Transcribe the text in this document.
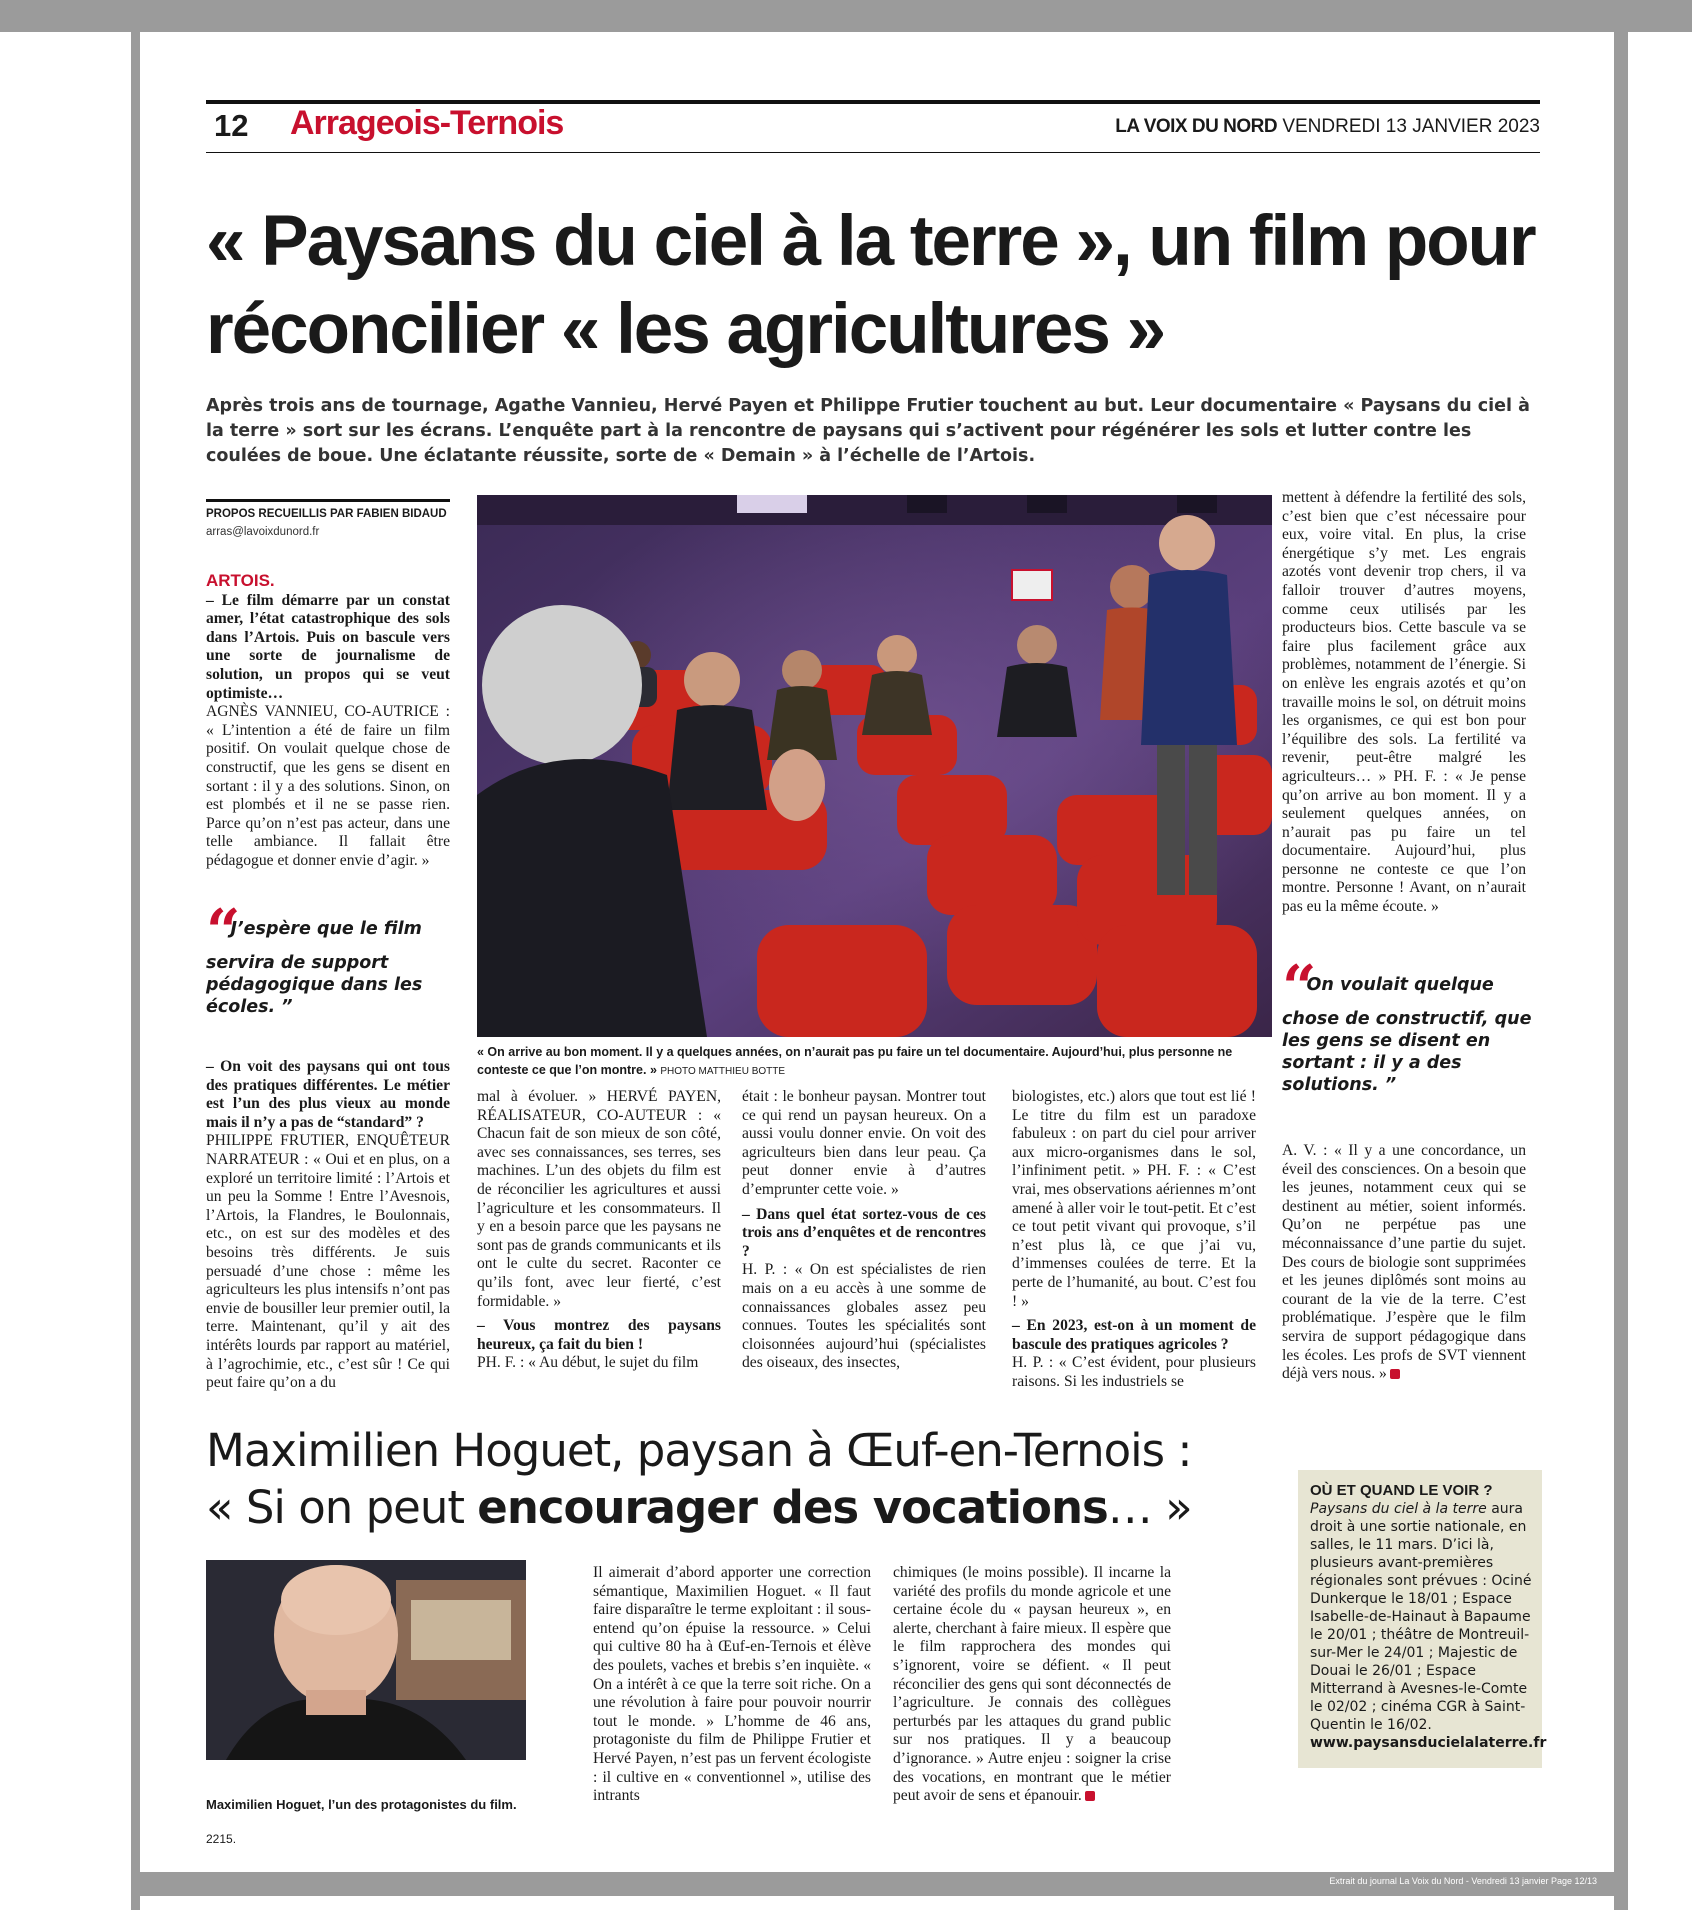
Extrait du journal La Voix du Nord - Vendredi 13 janvier Page 12/13
12 Arrageois-Ternois	LA VOIX DU NORD VENDREDI 13 JANVIER 2023
« Paysans du ciel à la terre », un film pour réconcilier « les agricultures »
Après trois ans de tournage, Agathe Vannieu, Hervé Payen et Philippe Frutier touchent au but. Leur documentaire « Paysans du ciel à la terre » sort sur les écrans. L’enquête part à la rencontre de paysans qui s’activent pour régénérer les sols et lutter contre les coulées de boue. Une éclatante réussite, sorte de « Demain » à l’échelle de l’Artois.
PROPOS RECUEILLIS PAR FABIEN BIDAUD
arras@lavoixdunord.fr

ARTOIS.

– Le film démarre par un constat amer, l’état catastrophique des sols dans l’Artois. Puis on bascule vers une sorte de journalisme de solution, un propos qui se veut optimiste…

AGNÈS VANNIEU, CO-AUTRICE : « L’intention a été de faire un film positif. On voulait quelque chose de constructif, que les gens se disent en sortant : il y a des solutions. Sinon, on est plombés et il ne se passe rien. Parce qu’on n’est pas acteur, dans une telle ambiance. Il fallait être pédagogue et donner envie d’agir. »

“ J’espère que le film servira de support pédagogique dans les écoles. ”

– On voit des paysans qui ont tous des pratiques différentes. Le métier est l’un des plus vieux au monde mais il n’y a pas de “standard” ?

PHILIPPE FRUTIER, ENQUÊTEUR NARRATEUR : « Oui et en plus, on a exploré un territoire limité : l’Artois et un peu la Somme ! Entre l’Avesnois, l’Artois, la Flandres, le Boulonnais, etc., on est sur des modèles et des besoins très différents. Je suis persuadé d’une chose : même les agriculteurs les plus intensifs n’ont pas envie de bousiller leur premier outil, la terre. Maintenant, qu’il y ait des intérêts lourds par rapport au matériel, à l’agrochimie, etc., c’est sûr ! Ce qui peut faire qu’on a du

« On arrive au bon moment. Il y a quelques années, on n’aurait pas pu faire un tel documentaire. Aujourd’hui, plus personne ne conteste ce que l’on montre. » PHOTO MATTHIEU BOTTE

mal à évoluer. » HERVÉ PAYEN, RÉALISATEUR, CO-AUTEUR : « Chacun fait de son mieux de son côté, avec ses connaissances, ses terres, ses machines. L’un des objets du film est de réconcilier les agricultures et aussi l’agriculture et les consommateurs. Il y en a besoin parce que les paysans ne sont pas de grands communicants et ils ont le culte du secret. Raconter ce qu’ils font, avec leur fierté, c’est formidable. »

– Vous montrez des paysans heureux, ça fait du bien !

PH. F. : « Au début, le sujet du film

était : le bonheur paysan. Montrer tout ce qui rend un paysan heureux. On a aussi voulu donner envie. On voit des agriculteurs bien dans leur peau. Ça peut donner envie à d’autres d’emprunter cette voie. »

– Dans quel état sortez-vous de ces trois ans d’enquêtes et de rencontres ?

H. P. : « On est spécialistes de rien mais on a eu accès à une somme de connaissances globales assez peu connues. Toutes les spécialités sont cloisonnées aujourd’hui (spécialistes des oiseaux, des insectes,

biologistes, etc.) alors que tout est lié ! Le titre du film est un paradoxe fabuleux : on part du ciel pour arriver aux micro-organismes dans le sol, l’infiniment petit. » PH. F. : « C’est vrai, mes observations aériennes m’ont amené à aller voir le tout-petit. Et c’est ce tout petit vivant qui provoque, s’il n’est plus là, ce que j’ai vu, d’immenses coulées de terre. Et la perte de l’humanité, au bout. C’est fou ! »

– En 2023, est-on à un moment de bascule des pratiques agricoles ?

H. P. : « C’est évident, pour plusieurs raisons. Si les industriels se

mettent à défendre la fertilité des sols, c’est bien que c’est nécessaire pour eux, voire vital. En plus, la crise énergétique s’y met. Les engrais azotés vont devenir trop chers, il va falloir trouver d’autres moyens, comme ceux utilisés par les producteurs bios. Cette bascule va se faire plus facilement grâce aux problèmes, notamment de l’énergie. Si on enlève les engrais azotés et qu’on travaille moins le sol, on détruit moins les organismes, ce qui est bon pour l’équilibre des sols. La fertilité va revenir, peut-être malgré les agriculteurs… » PH. F. : « Je pense qu’on arrive au bon moment. Il y a seulement quelques années, on n’aurait pas pu faire un tel documentaire. Aujourd’hui, plus personne ne conteste ce que l’on montre. Personne ! Avant, on n’aurait pas eu la même écoute. »

“ On voulait quelque chose de constructif, que les gens se disent en sortant : il y a des solutions. ”

A. V. : « Il y a une concordance, un éveil des consciences. On a besoin que les jeunes, notamment ceux qui se destinent au métier, soient informés. Qu’on ne perpétue pas une méconnaissance d’une partie du sujet. Des cours de biologie sont supprimées et les jeunes diplômés sont moins au courant de la vie de la terre. C’est problématique. J’espère que le film servira de support pédagogique dans les écoles. Les profs de SVT viennent déjà vers nous. »

Maximilien Hoguet, paysan à Œuf-en-Ternois :
« Si on peut encourager des vocations… »
Maximilien Hoguet, l’un des protagonistes du film.
2215.

Il aimerait d’abord apporter une correction sémantique, Maximilien Hoguet. « Il faut faire disparaître le terme exploitant : il sous-entend qu’on épuise la ressource. » Celui qui cultive 80 ha à Œuf-en-Ternois et élève des poulets, vaches et brebis s’en inquiète. « On a intérêt à ce que la terre soit riche. On a une révolution à faire pour pouvoir nourrir tout le monde. » L’homme de 46 ans, protagoniste du film de Philippe Frutier et Hervé Payen, n’est pas un fervent écologiste : il cultive en « conventionnel », utilise des intrants

chimiques (le moins possible). Il incarne la variété des profils du monde agricole et une certaine école du « paysan heureux », en alerte, cherchant à faire mieux. Il espère que le film rapprochera des mondes qui s’ignorent, voire se défient. « Il peut réconcilier des gens qui sont déconnectés de l’agriculture. Je connais des collègues perturbés par les attaques du grand public sur nos pratiques. Il y a beaucoup d’ignorance. » Autre enjeu : soigner la crise des vocations, en montrant que le métier peut avoir de sens et épanouir.

OÙ ET QUAND LE VOIR ?
Paysans du ciel à la terre aura droit à une sortie nationale, en salles, le 11 mars. D’ici là, plusieurs avant-premières régionales sont prévues : Ociné Dunkerque le 18/01 ; Espace Isabelle-de-Hainaut à Bapaume le 20/01 ; théâtre de Montreuil-sur-Mer le 24/01 ; Majestic de Douai le 26/01 ; Espace Mitterrand à Avesnes-le-Comte le 02/02 ; cinéma CGR à Saint-Quentin le 16/02.
www.paysansducielalaterre.fr
